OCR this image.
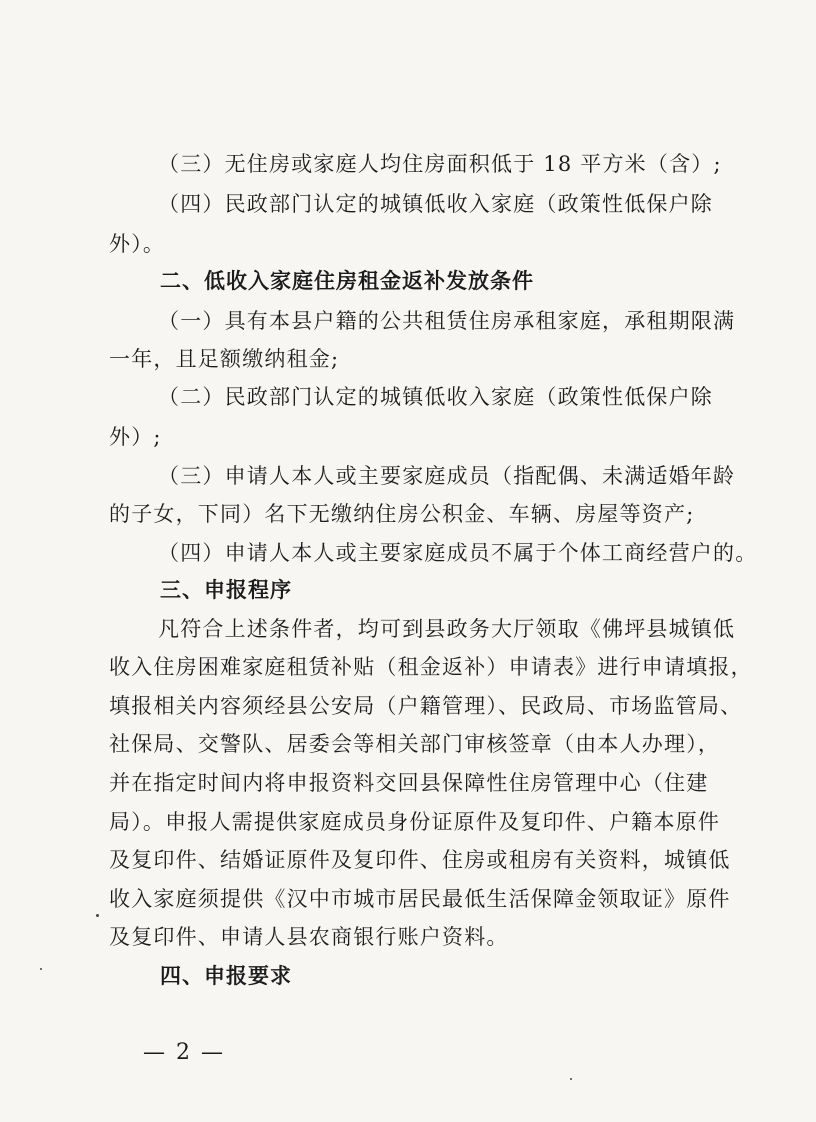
（三）无住房或家庭人均住房面积低于 18 平方米（含）;
（四）民政部门认定的城镇低收入家庭（政策性低保户除
外）。
二、低收入家庭住房租金返补发放条件
（一）具有本县户籍的公共租赁住房承租家庭，承租期限满
一年，且足额缴纳租金;
（二）民政部门认定的城镇低收入家庭（政策性低保户除
外）;
（三）申请人本人或主要家庭成员（指配偶、未满适婚年龄
的子女，下同）名下无缴纳住房公积金、车辆、房屋等资产;
（四）申请人本人或主要家庭成员不属于个体工商经营户的。
三、申报程序
凡符合上述条件者，均可到县政务大厅领取《佛坪县城镇低
收入住房困难家庭租赁补贴（租金返补）申请表》进行申请填报，
填报相关内容须经县公安局（户籍管理）、民政局、市场监管局、
社保局、交警队、居委会等相关部门审核签章（由本人办理），
并在指定时间内将申报资料交回县保障性住房管理中心（住建
局）。申报人需提供家庭成员身份证原件及复印件、户籍本原件
及复印件、结婚证原件及复印件、住房或租房有关资料，城镇低
收入家庭须提供《汉中市城市居民最低生活保障金领取证》原件
及复印件、申请人县农商银行账户资料。
四、申报要求
— 2 —
